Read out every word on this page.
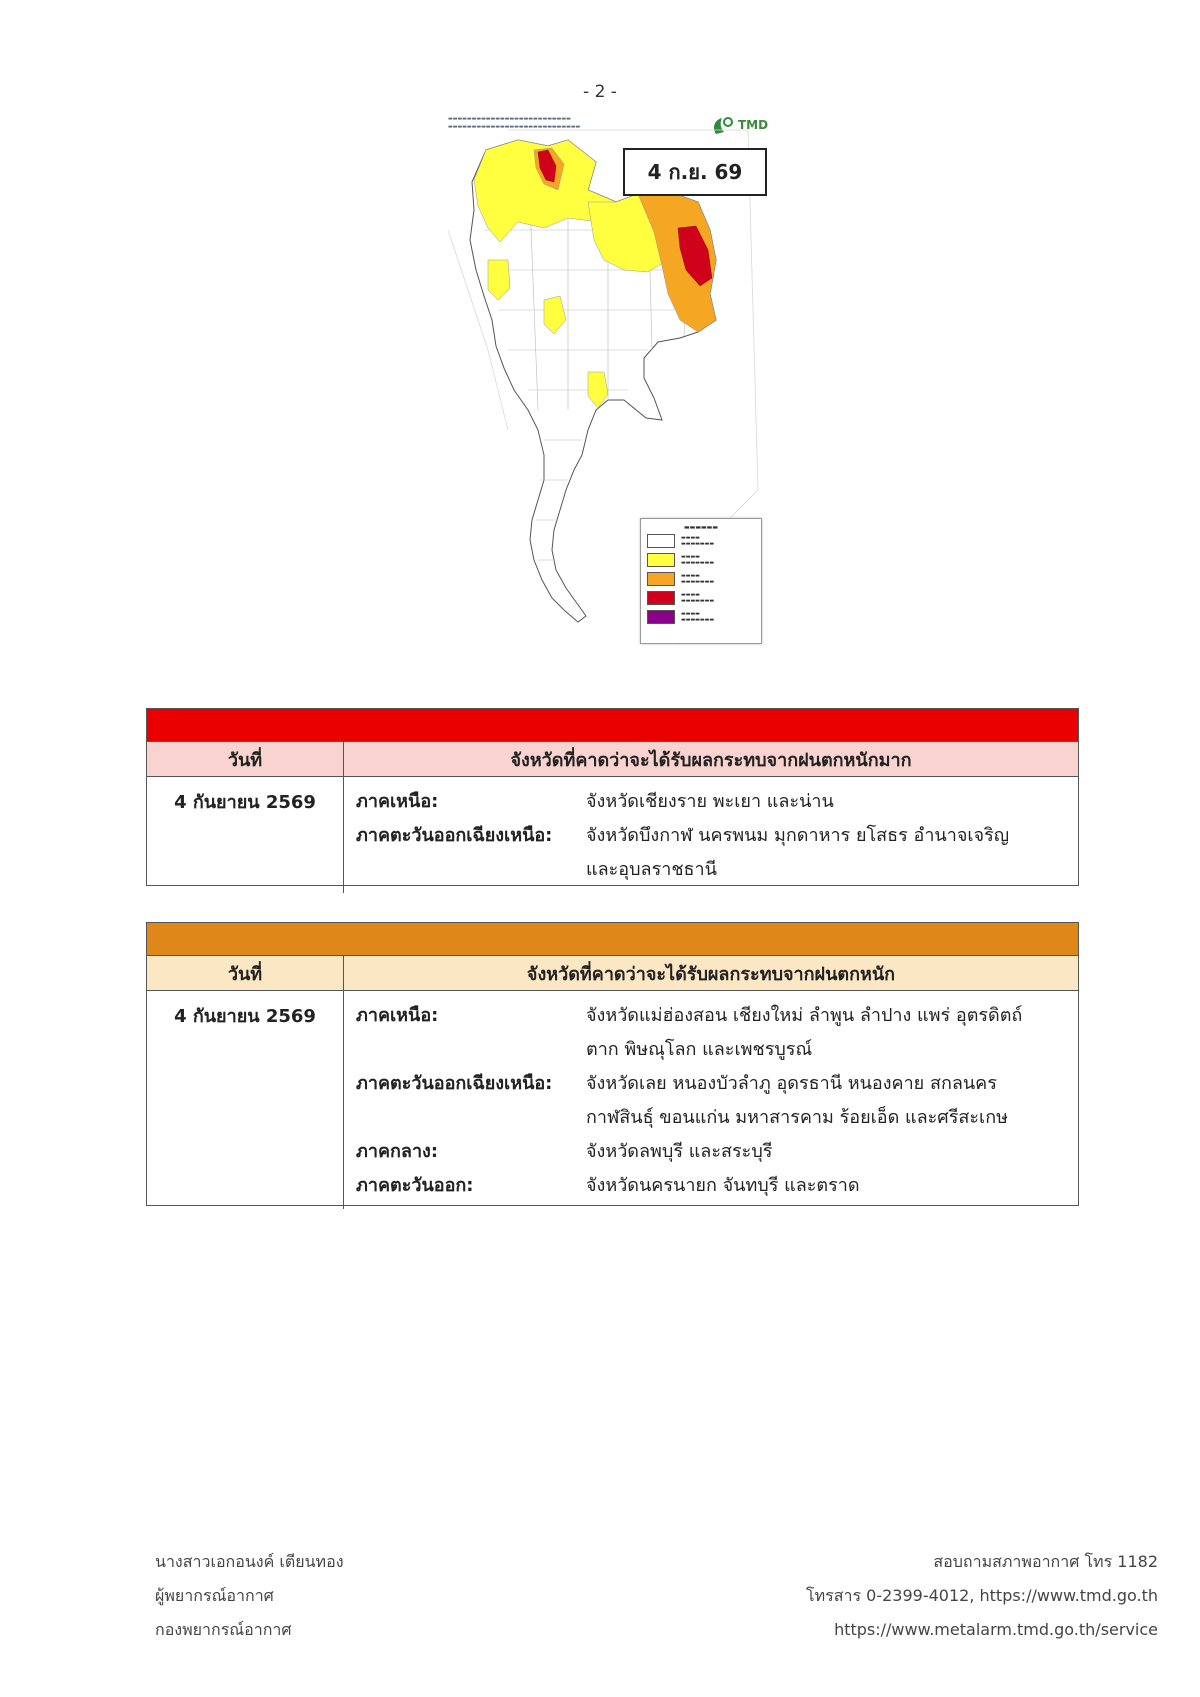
- 2 -
▬▬▬▬▬▬▬▬▬▬▬▬▬▬▬▬▬▬▬▬▬▬▬▬▬▬
▬▬▬▬▬▬▬▬▬▬▬▬▬▬▬▬▬▬▬▬▬▬▬▬▬▬▬▬	TMD
4 ก.ย. 69
▬▬▬▬▬▬
▬▬▬▬
▬▬▬▬▬▬▬
▬▬▬▬
▬▬▬▬▬▬▬
▬▬▬▬
▬▬▬▬▬▬▬
▬▬▬▬
▬▬▬▬▬▬▬
▬▬▬▬
▬▬▬▬▬▬▬
วันที่	จังหวัดที่คาดว่าจะได้รับผลกระทบจากฝนตกหนักมาก
4 กันยายน 2569	ภาคเหนือ:	จังหวัดเชียงราย พะเยา และน่าน
ภาคตะวันออกเฉียงเหนือ:	จังหวัดบึงกาฬ นครพนม มุกดาหาร ยโสธร อำนาจเจริญ
และอุบลราชธานี
วันที่	จังหวัดที่คาดว่าจะได้รับผลกระทบจากฝนตกหนัก
4 กันยายน 2569	ภาคเหนือ:	จังหวัดแม่ฮ่องสอน เชียงใหม่ ลำพูน ลำปาง แพร่ อุตรดิตถ์
ตาก พิษณุโลก และเพชรบูรณ์
ภาคตะวันออกเฉียงเหนือ:	จังหวัดเลย หนองบัวลำภู อุดรธานี หนองคาย สกลนคร
กาฬสินธุ์ ขอนแก่น มหาสารคาม ร้อยเอ็ด และศรีสะเกษ
ภาคกลาง:	จังหวัดลพบุรี และสระบุรี
ภาคตะวันออก:	จังหวัดนครนายก จันทบุรี และตราด
นางสาวเอกอนงค์ เตียนทอง
ผู้พยากรณ์อากาศ
กองพยากรณ์อากาศ
สอบถามสภาพอากาศ โทร 1182
โทรสาร 0-2399-4012, https://www.tmd.go.th
https://www.metalarm.tmd.go.th/service
